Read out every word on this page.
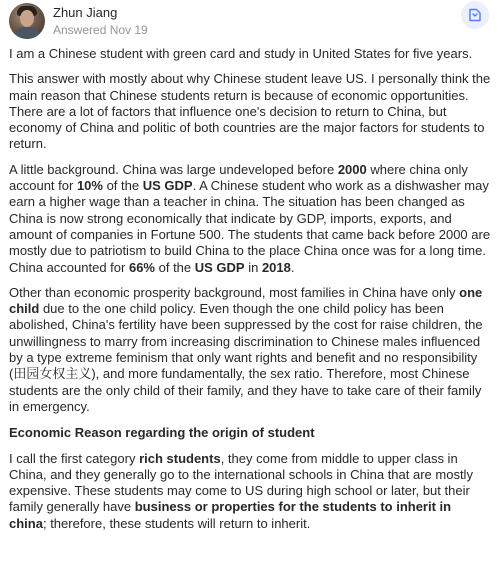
Zhun Jiang
Answered Nov 19

I am a Chinese student with green card and study in United States for five years.

This answer with mostly about why Chinese student leave US. I personally think the main reason that Chinese students return is because of economic opportunities. There are a lot of factors that influence one's decision to return to China, but economy of China and politic of both countries are the major factors for students to return.

A little background. China was large undeveloped before 2000 where china only account for 10% of the US GDP. A Chinese student who work as a dishwasher may earn a higher wage than a teacher in china. The situation has been changed as China is now strong economically that indicate by GDP, imports, exports, and amount of companies in Fortune 500. The students that came back before 2000 are mostly due to patriotism to build China to the place China once was for a long time. China accounted for 66% of the US GDP in 2018.

Other than economic prosperity background, most families in China have only one child due to the one child policy. Even though the one child policy has been abolished, China's fertility have been suppressed by the cost for raise children, the unwillingness to marry from increasing discrimination to Chinese males influenced by a type extreme feminism that only want rights and benefit and no responsibility (田园女权主义), and more fundamentally, the sex ratio. Therefore, most Chinese students are the only child of their family, and they have to take care of their family in emergency.

Economic Reason regarding the origin of student

I call the first category rich students, they come from middle to upper class in China, and they generally go to the international schools in China that are mostly expensive. These students may come to US during high school or later, but their family generally have business or properties for the students to inherit in china; therefore, these students will return to inherit.
